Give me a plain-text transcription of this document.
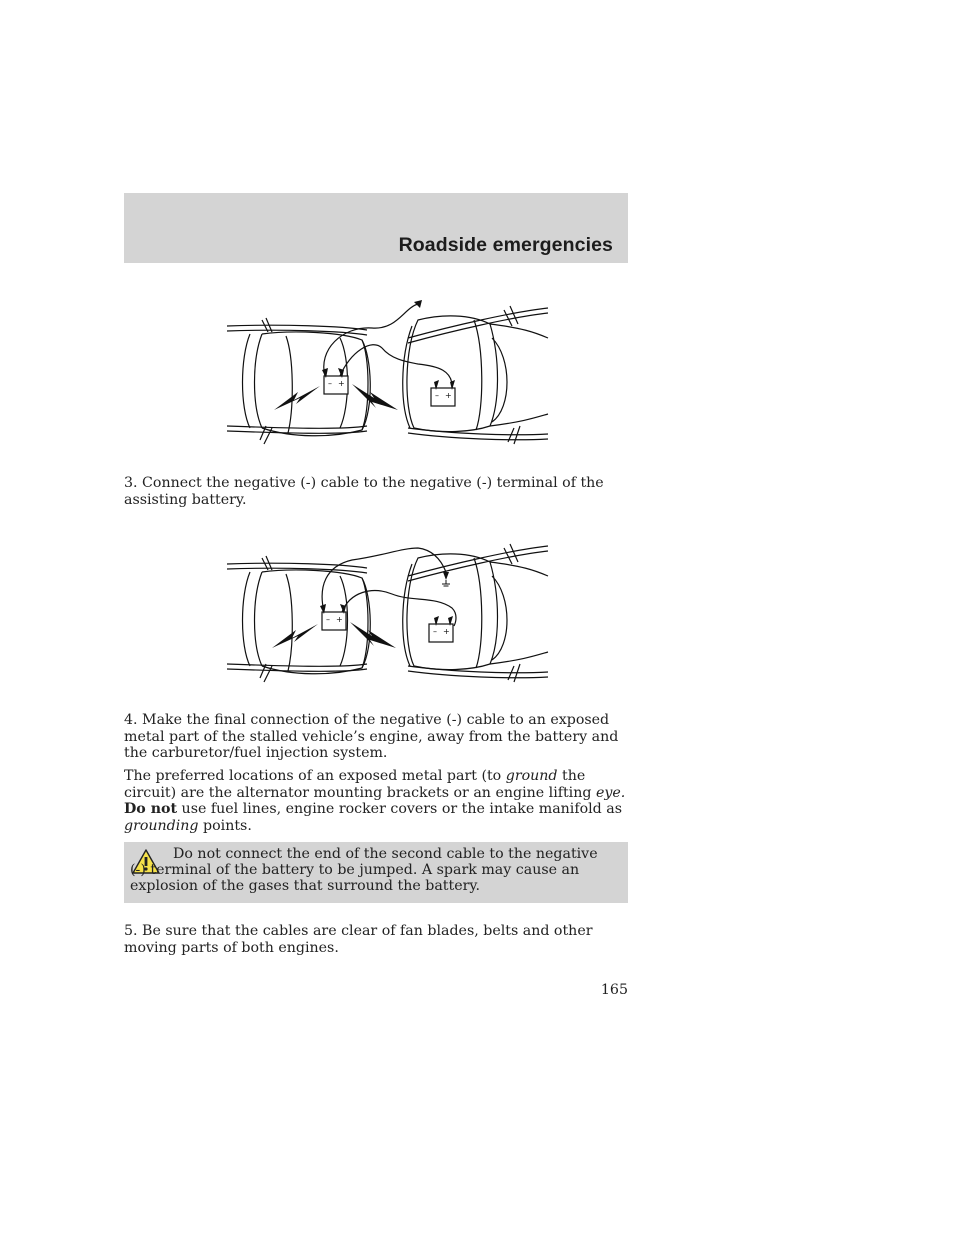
Roadside emergencies
– +
– +
3. Connect the negative (-) cable to the negative (-) terminal of the assisting battery.
– +
– +
4. Make the final connection of the negative (-) cable to an exposed metal part of the stalled vehicle’s engine, away from the battery and the carburetor/fuel injection system.
The preferred locations of an exposed metal part (to ground the circuit) are the alternator mounting brackets or an engine lifting eye. Do not use fuel lines, engine rocker covers or the intake manifold as grounding points.
Do not connect the end of the second cable to the negative (-) terminal of the battery to be jumped. A spark may cause an explosion of the gases that surround the battery.
5. Be sure that the cables are clear of fan blades, belts and other moving parts of both engines.
165
